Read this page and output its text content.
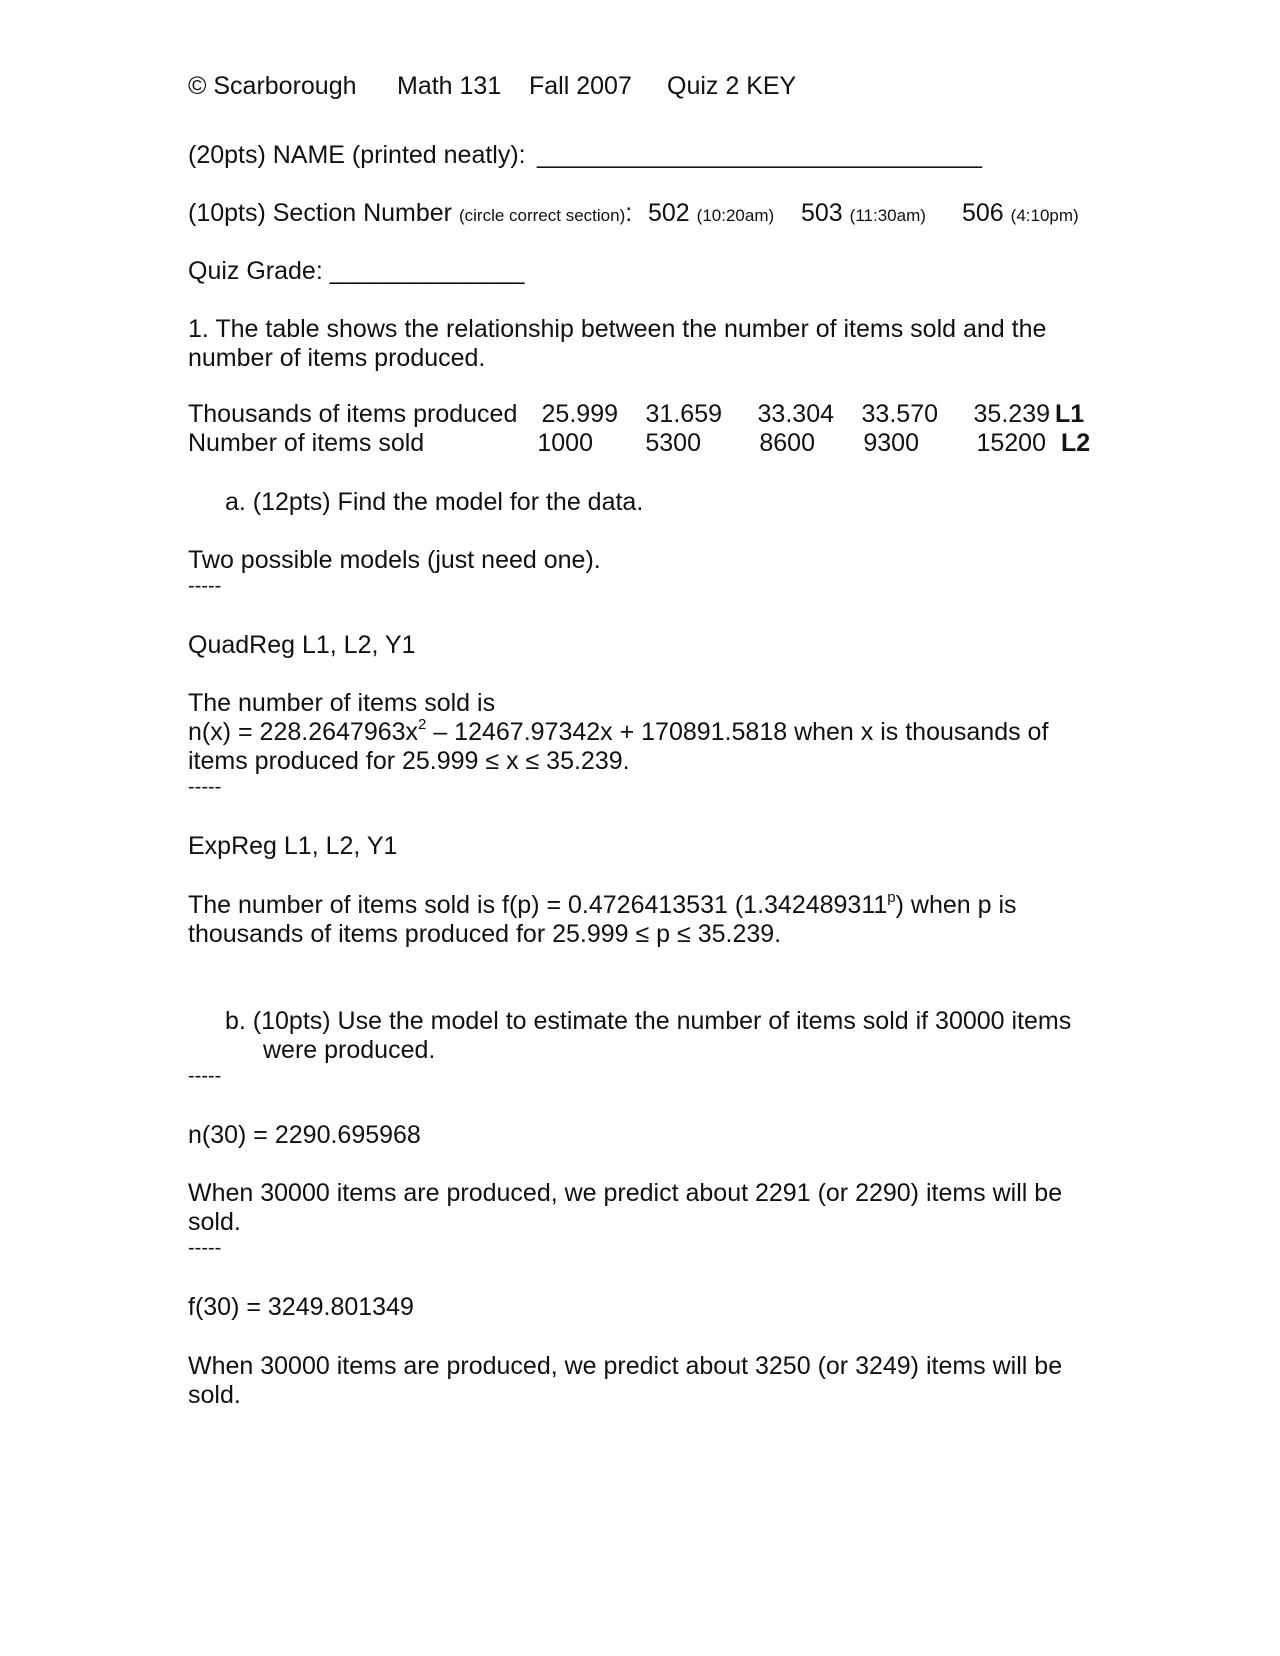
© Scarborough Math 131 Fall 2007 Quiz 2 KEY
(20pts) NAME (printed neatly): ________________________________
(10pts) Section Number (circle correct section): 502 (10:20am) 503 (11:30am) 506 (4:10pm)
Quiz Grade: ______________
1. The table shows the relationship between the number of items sold and the
number of items produced.
Thousands of items produced 25.999	31.659	33.304	33.570	35.239 L1
Number of items sold	1000	5300	8600	9300	15200 L2
a. (12pts) Find the model for the data.
Two possible models (just need one).
-----
QuadReg L1, L2, Y1
The number of items sold is
$n(x) = 228.2647963x^2 - 12467.97342x + 170891.5818$ when x is thousands of
items produced for 25.999 ≤ x ≤ 35.239.
-----
ExpReg L1, L2, Y1
The number of items sold is f(p) = 0.4726413531 (1.342489311$^p$) when p is
thousands of items produced for 25.999 ≤ p ≤ 35.239.
b. (10pts) Use the model to estimate the number of items sold if 30000 items
were produced.
-----
n(30) = 2290.695968
When 30000 items are produced, we predict about 2291 (or 2290) items will be
sold.
-----
f(30) = 3249.801349
When 30000 items are produced, we predict about 3250 (or 3249) items will be
sold.
